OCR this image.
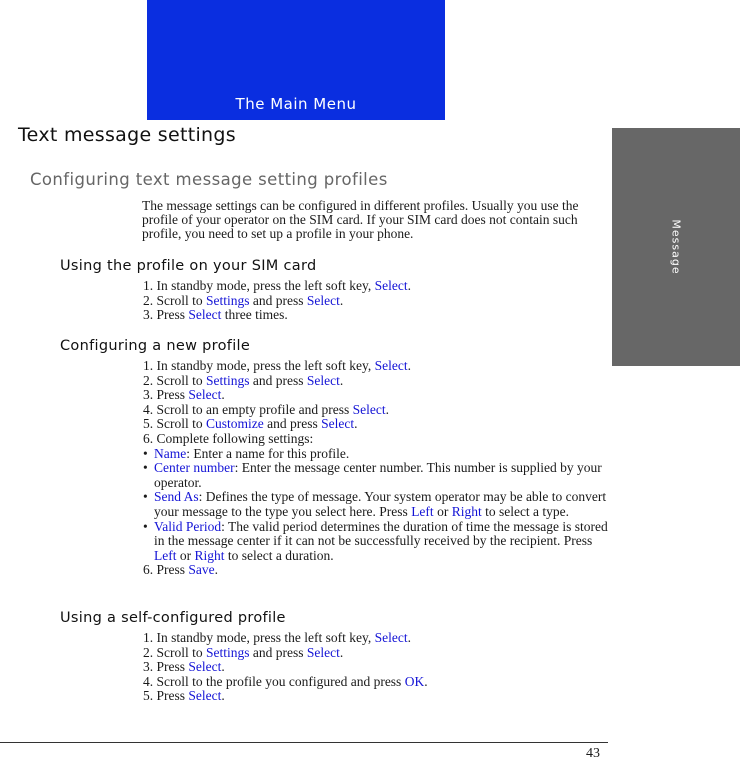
The Main Menu
Message
Text message settings
Configuring text message setting profiles
The message settings can be configured in different profiles. Usually you use the profile of your operator on the SIM card. If your SIM card does not contain such profile, you need to set up a profile in your phone.
Using the profile on your SIM card
1. In standby mode, press the left soft key, Select.
2. Scroll to Settings and press Select.
3. Press Select three times.
Configuring a new profile
1. In standby mode, press the left soft key, Select.
2. Scroll to Settings and press Select.
3. Press Select.
4. Scroll to an empty profile and press Select.
5. Scroll to Customize and press Select.
6. Complete following settings:
• Name: Enter a name for this profile.
• Center number: Enter the message center number. This number is supplied by your operator.
• Send As: Defines the type of message. Your system operator may be able to convert your message to the type you select here. Press Left or Right to select a type.
• Valid Period: The valid period determines the duration of time the message is stored in the message center if it can not be successfully received by the recipient. Press Left or Right to select a duration.
6. Press Save.
Using a self-configured profile
1. In standby mode, press the left soft key, Select.
2. Scroll to Settings and press Select.
3. Press Select.
4. Scroll to the profile you configured and press OK.
5. Press Select.
43
